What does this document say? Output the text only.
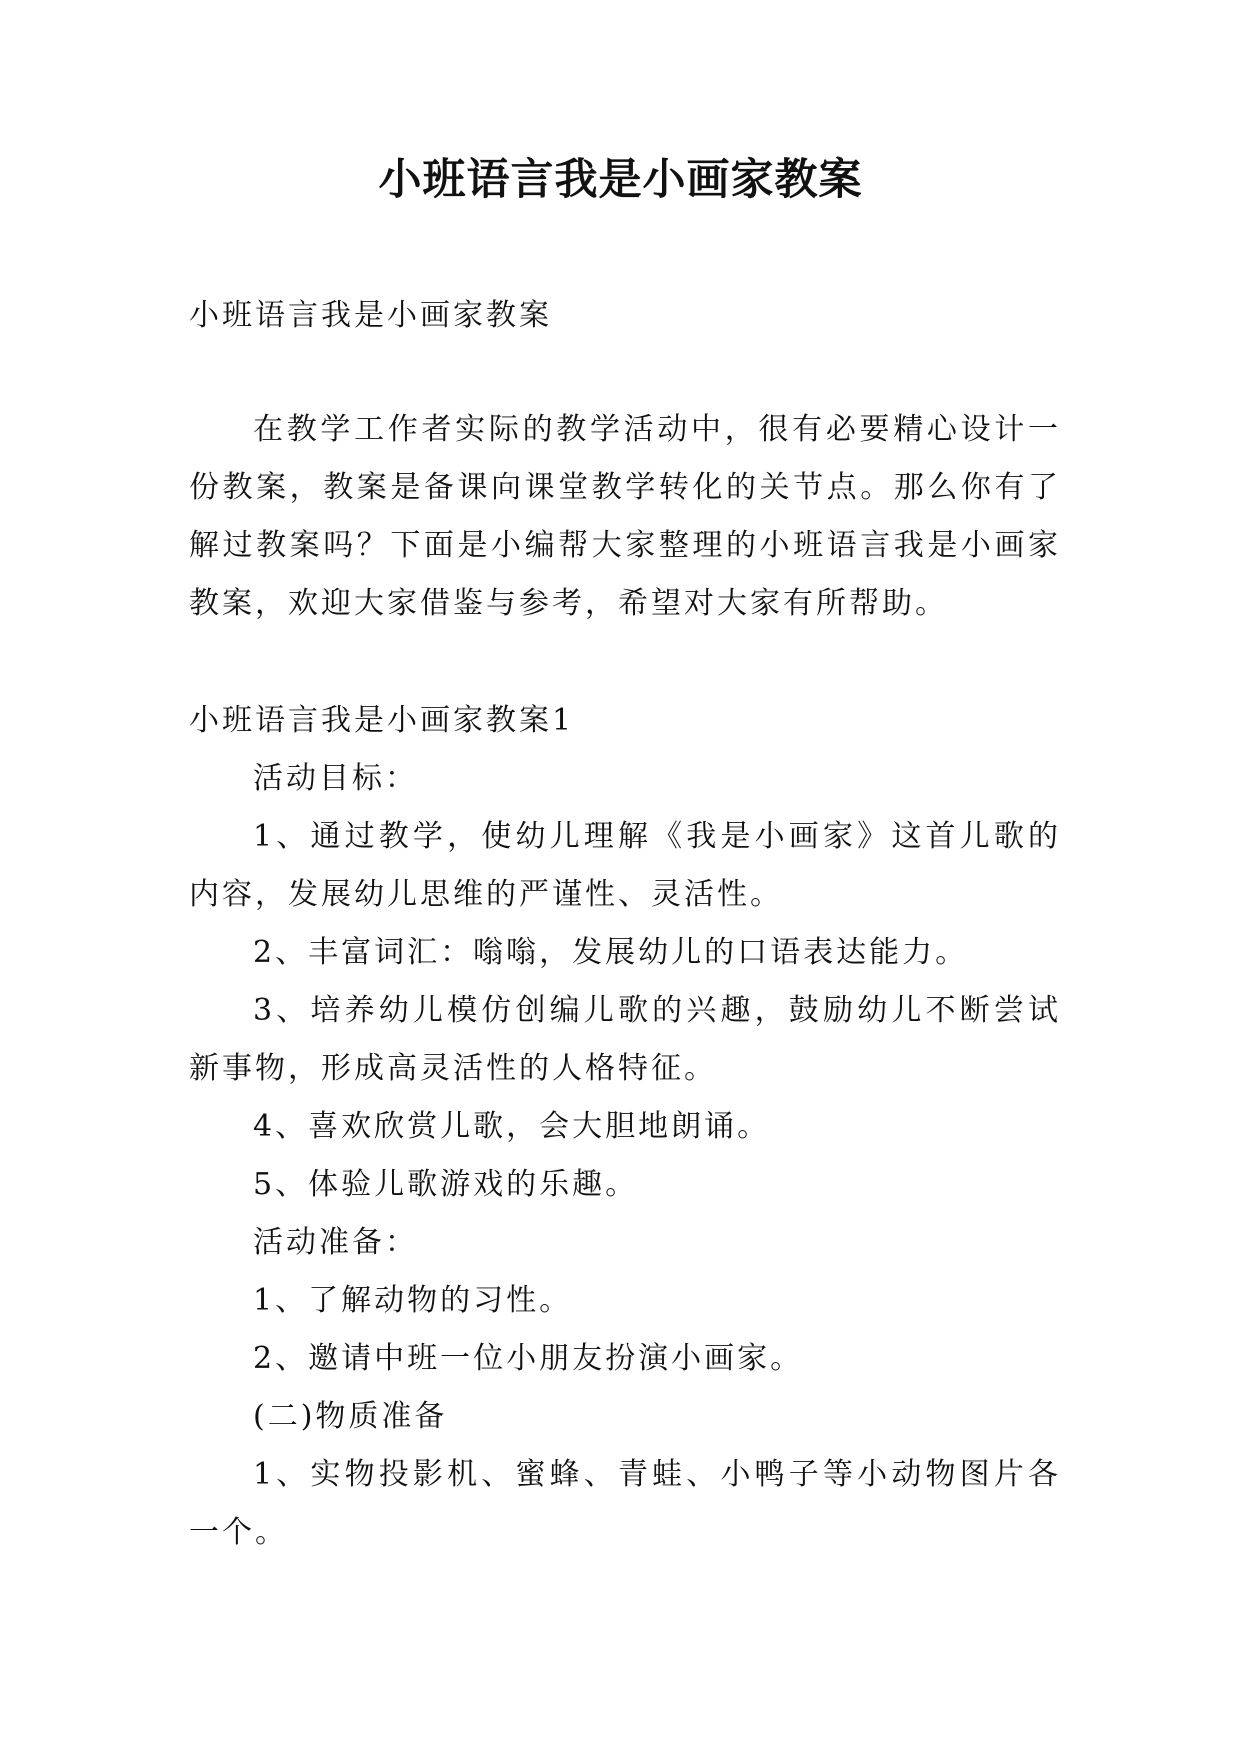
小班语言我是小画家教案

小班语言我是小画家教案

在教学工作者实际的教学活动中，很有必要精心设计一份教案，教案是备课向课堂教学转化的关节点。那么你有了解过教案吗？下面是小编帮大家整理的小班语言我是小画家教案，欢迎大家借鉴与参考，希望对大家有所帮助。

小班语言我是小画家教案1

活动目标：

1、通过教学，使幼儿理解《我是小画家》这首儿歌的内容，发展幼儿思维的严谨性、灵活性。

2、丰富词汇：嗡嗡，发展幼儿的口语表达能力。

3、培养幼儿模仿创编儿歌的兴趣，鼓励幼儿不断尝试新事物，形成高灵活性的人格特征。

4、喜欢欣赏儿歌，会大胆地朗诵。

5、体验儿歌游戏的乐趣。

活动准备：

1、了解动物的习性。

2、邀请中班一位小朋友扮演小画家。

(二)物质准备

1、实物投影机、蜜蜂、青蛙、小鸭子等小动物图片各一个。
